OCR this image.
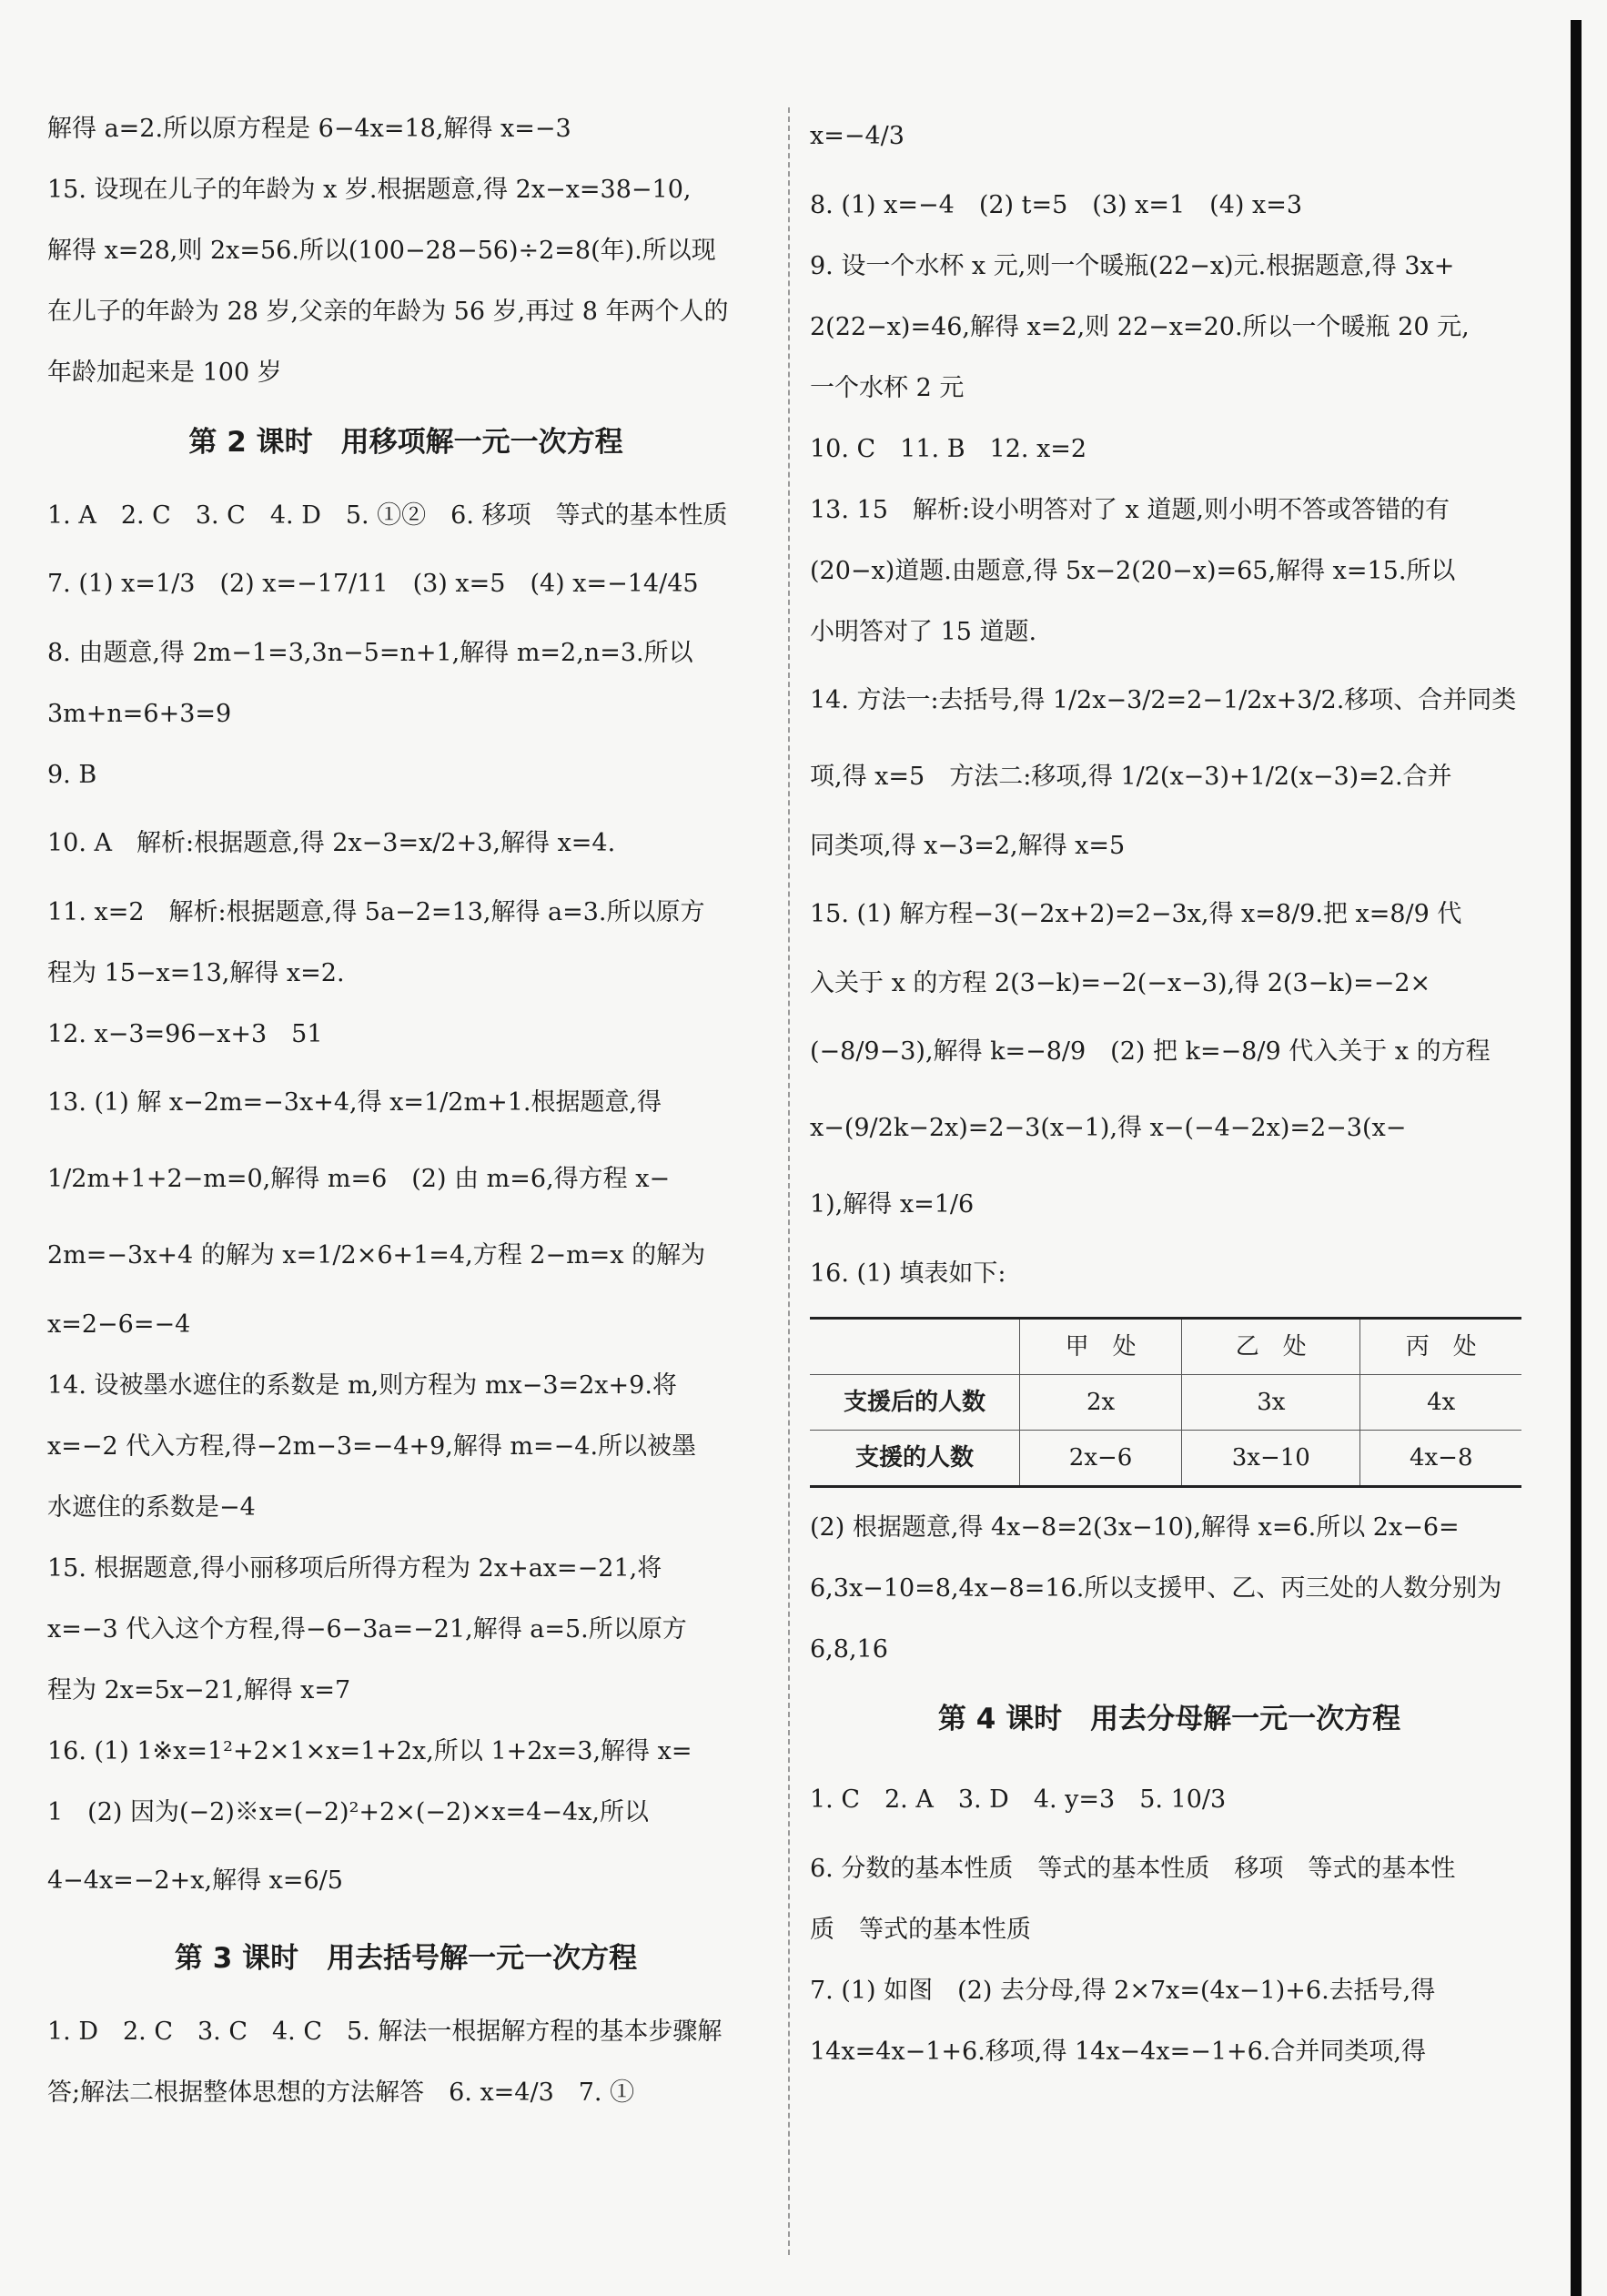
解得 a=2.所以原方程是 6−4x=18,解得 x=−3

15. 设现在儿子的年龄为 x 岁.根据题意,得 2x−x=38−10,

解得 x=28,则 2x=56.所以(100−28−56)÷2=8(年).所以现

在儿子的年龄为 28 岁,父亲的年龄为 56 岁,再过 8 年两个人的

年龄加起来是 100 岁

第 2 课时　用移项解一元一次方程

1. A　2. C　3. C　4. D　5. ①②　6. 移项　等式的基本性质

7. (1) x=1/3　(2) x=−17/11　(3) x=5　(4) x=−14/45

8. 由题意,得 2m−1=3,3n−5=n+1,解得 m=2,n=3.所以

3m+n=6+3=9

9. B

10. A　解析:根据题意,得 2x−3=x/2+3,解得 x=4.

11. x=2　解析:根据题意,得 5a−2=13,解得 a=3.所以原方

程为 15−x=13,解得 x=2.

12. x−3=96−x+3　51

13. (1) 解 x−2m=−3x+4,得 x=1/2m+1.根据题意,得

1/2m+1+2−m=0,解得 m=6　(2) 由 m=6,得方程 x−

2m=−3x+4 的解为 x=1/2×6+1=4,方程 2−m=x 的解为

x=2−6=−4

14. 设被墨水遮住的系数是 m,则方程为 mx−3=2x+9.将

x=−2 代入方程,得−2m−3=−4+9,解得 m=−4.所以被墨

水遮住的系数是−4

15. 根据题意,得小丽移项后所得方程为 2x+ax=−21,将

x=−3 代入这个方程,得−6−3a=−21,解得 a=5.所以原方

程为 2x=5x−21,解得 x=7

16. (1) 1※x=1²+2×1×x=1+2x,所以 1+2x=3,解得 x=

1　(2) 因为(−2)※x=(−2)²+2×(−2)×x=4−4x,所以

4−4x=−2+x,解得 x=6/5

第 3 课时　用去括号解一元一次方程

1. D　2. C　3. C　4. C　5. 解法一根据解方程的基本步骤解

答;解法二根据整体思想的方法解答　6. x=4/3　7. ①

x=−4/3

8. (1) x=−4　(2) t=5　(3) x=1　(4) x=3

9. 设一个水杯 x 元,则一个暖瓶(22−x)元.根据题意,得 3x+

2(22−x)=46,解得 x=2,则 22−x=20.所以一个暖瓶 20 元,

一个水杯 2 元

10. C　11. B　12. x=2

13. 15　解析:设小明答对了 x 道题,则小明不答或答错的有

(20−x)道题.由题意,得 5x−2(20−x)=65,解得 x=15.所以

小明答对了 15 道题.

14. 方法一:去括号,得 1/2x−3/2=2−1/2x+3/2.移项、合并同类

项,得 x=5　方法二:移项,得 1/2(x−3)+1/2(x−3)=2.合并

同类项,得 x−3=2,解得 x=5

15. (1) 解方程−3(−2x+2)=2−3x,得 x=8/9.把 x=8/9 代

入关于 x 的方程 2(3−k)=−2(−x−3),得 2(3−k)=−2×

(−8/9−3),解得 k=−8/9　(2) 把 k=−8/9 代入关于 x 的方程

x−(9/2k−2x)=2−3(x−1),得 x−(−4−2x)=2−3(x−

1),解得 x=1/6

16. (1) 填表如下:

	甲　处	乙　处	丙　处
支援后的人数	2x	3x	4x
支援的人数	2x−6	3x−10	4x−8

(2) 根据题意,得 4x−8=2(3x−10),解得 x=6.所以 2x−6=

6,3x−10=8,4x−8=16.所以支援甲、乙、丙三处的人数分别为

6,8,16

第 4 课时　用去分母解一元一次方程

1. C　2. A　3. D　4. y=3　5. 10/3

6. 分数的基本性质　等式的基本性质　移项　等式的基本性

质　等式的基本性质

7. (1) 如图　(2) 去分母,得 2×7x=(4x−1)+6.去括号,得

14x=4x−1+6.移项,得 14x−4x=−1+6.合并同类项,得
